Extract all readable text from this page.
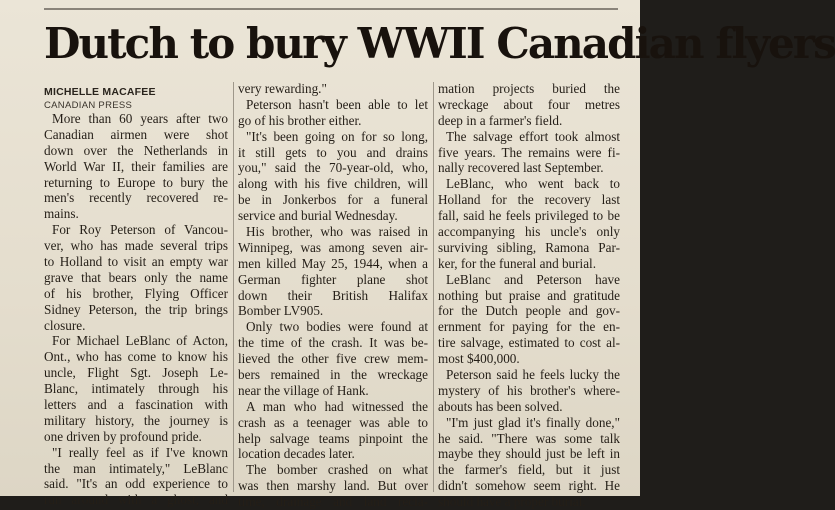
Dutch to bury WWII Canadian flyers
MICHELLE MACAFEE
CANADIAN PRESS
More than 60 years after two
Canadian airmen were shot
down over the Netherlands in
World War II, their families are
returning to Europe to bury the
men's recently recovered re-
mains.
For Roy Peterson of Vancou-
ver, who has made several trips
to Holland to visit an empty war
grave that bears only the name
of his brother, Flying Officer
Sidney Peterson, the trip brings
closure.
For Michael LeBlanc of Acton,
Ont., who has come to know his
uncle, Flight Sgt. Joseph Le-
Blanc, intimately through his
letters and a fascination with
military history, the journey is
one driven by profound pride.
"I really feel as if I've known
the man intimately," LeBlanc
said. "It's an odd experience to
run around with a ghost, and
very rewarding."
Peterson hasn't been able to let
go of his brother either.
"It's been going on for so long,
it still gets to you and drains
you," said the 70-year-old, who,
along with his five children, will
be in Jonkerbos for a funeral
service and burial Wednesday.
His brother, who was raised in
Winnipeg, was among seven air-
men killed May 25, 1944, when a
German fighter plane shot
down their British Halifax
Bomber LV905.
Only two bodies were found at
the time of the crash. It was be-
lieved the other five crew mem-
bers remained in the wreckage
near the village of Hank.
A man who had witnessed the
crash as a teenager was able to
help salvage teams pinpoint the
location decades later.
The bomber crashed on what
was then marshy land. But over
time, drainage and land recla-
mation projects buried the
wreckage about four metres
deep in a farmer's field.
The salvage effort took almost
five years. The remains were fi-
nally recovered last September.
LeBlanc, who went back to
Holland for the recovery last
fall, said he feels privileged to be
accompanying his uncle's only
surviving sibling, Ramona Par-
ker, for the funeral and burial.
LeBlanc and Peterson have
nothing but praise and gratitude
for the Dutch people and gov-
ernment for paying for the en-
tire salvage, estimated to cost al-
most $400,000.
Peterson said he feels lucky the
mystery of his brother's where-
abouts has been solved.
"I'm just glad it's finally done,"
he said. "There was some talk
maybe they should just be left in
the farmer's field, but it just
didn't somehow seem right. He
should have a proper burial."
